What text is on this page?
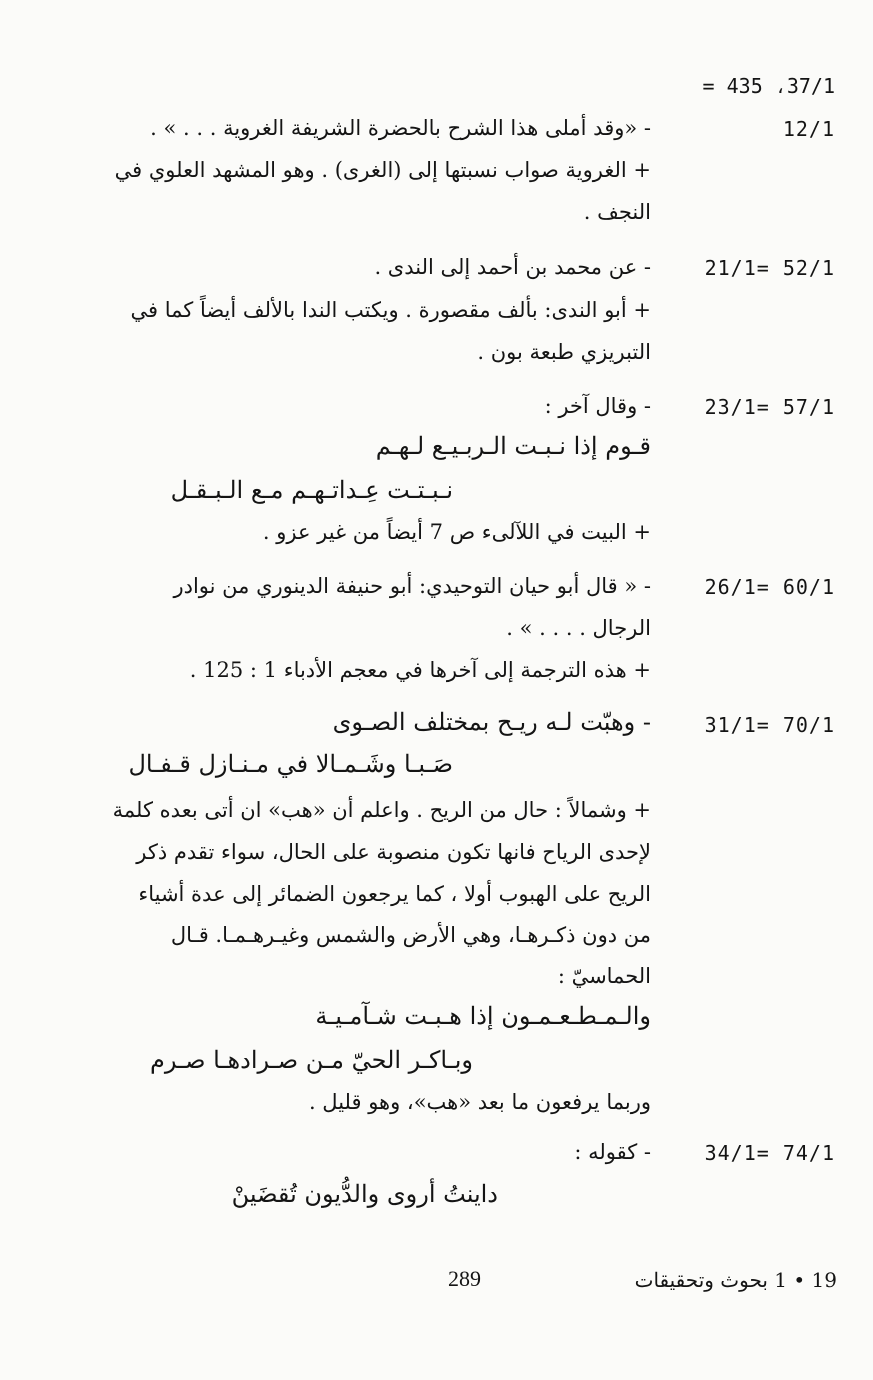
= 435 ،37/1
12/1
- «وقد أملى هذا الشرح بالحضرة الشريفة الغروية . . . » .
+ الغروية صواب نسبتها إلى (الغرى) . وهو المشهد العلوي في
النجف .
21/1= 52/1
- عن محمد بن أحمد إلى الندى .
+ أبو الندى: بألف مقصورة . ويكتب الندا بالألف أيضاً كما في
التبريزي طبعة بون .
23/1= 57/1
- وقال آخر :
قـوم إذا نـبـت الـربـيـع لـهـم
نـبـتـت عِـداتـهـم مـع الـبـقـل
+ البيت في اللآلىء ص 7 أيضاً من غير عزو .
26/1= 60/1
- « قال أبو حيان التوحيدي: أبو حنيفة الدينوري من نوادر
الرجال . . . . » .
+ هذه الترجمة إلى آخرها في معجم الأدباء 1 : 125 .
31/1= 70/1
- وهبّت لـه ريـح بمختلف الصـوى
صَـبـا وشَـمـالا في مـنـازل قـفـال
+ وشمالاً : حال من الريح . واعلم أن «هب» ان أتى بعده كلمة
لإحدى الرياح فانها تكون منصوبة على الحال، سواء تقدم ذكر
الريح على الهبوب أولا ، كما يرجعون الضمائر إلى عدة أشياء
من دون ذكـرهـا، وهي الأرض والشمس وغيـرهـمـا. قـال
الحماسيّ :
والـمـطـعـمـون إذا هـبـت شـآمـيـة
وبـاكـر الحيّ مـن صـرادهـا صـرم
وربما يرفعون ما بعد «هب»، وهو قليل .
34/1= 74/1
- كقوله :
داينتُ أروى والدُّيون تُقضَينْ
289	19 • 1 بحوث وتحقيقات
